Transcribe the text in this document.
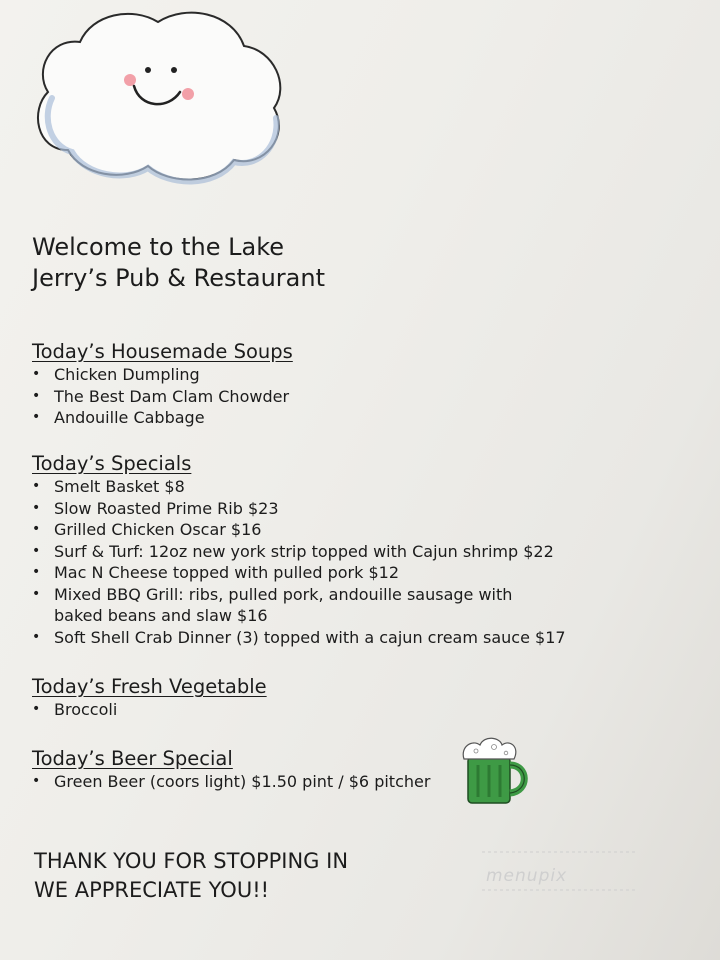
Welcome to the Lake
Jerry’s Pub & Restaurant
Today’s Housemade Soups
• Chicken Dumpling
• The Best Dam Clam Chowder
• Andouille Cabbage
Today’s Specials
• Smelt Basket $8
• Slow Roasted Prime Rib $23
• Grilled Chicken Oscar $16
• Surf & Turf: 12oz new york strip topped with Cajun shrimp $22
• Mac N Cheese topped with pulled pork $12
• Mixed BBQ Grill: ribs, pulled pork, andouille sausage with
baked beans and slaw $16
• Soft Shell Crab Dinner (3) topped with a cajun cream sauce $17
Today’s Fresh Vegetable
• Broccoli
Today’s Beer Special
• Green Beer (coors light) $1.50 pint / $6 pitcher
THANK YOU FOR STOPPING IN
WE APPRECIATE YOU!!
menupix
